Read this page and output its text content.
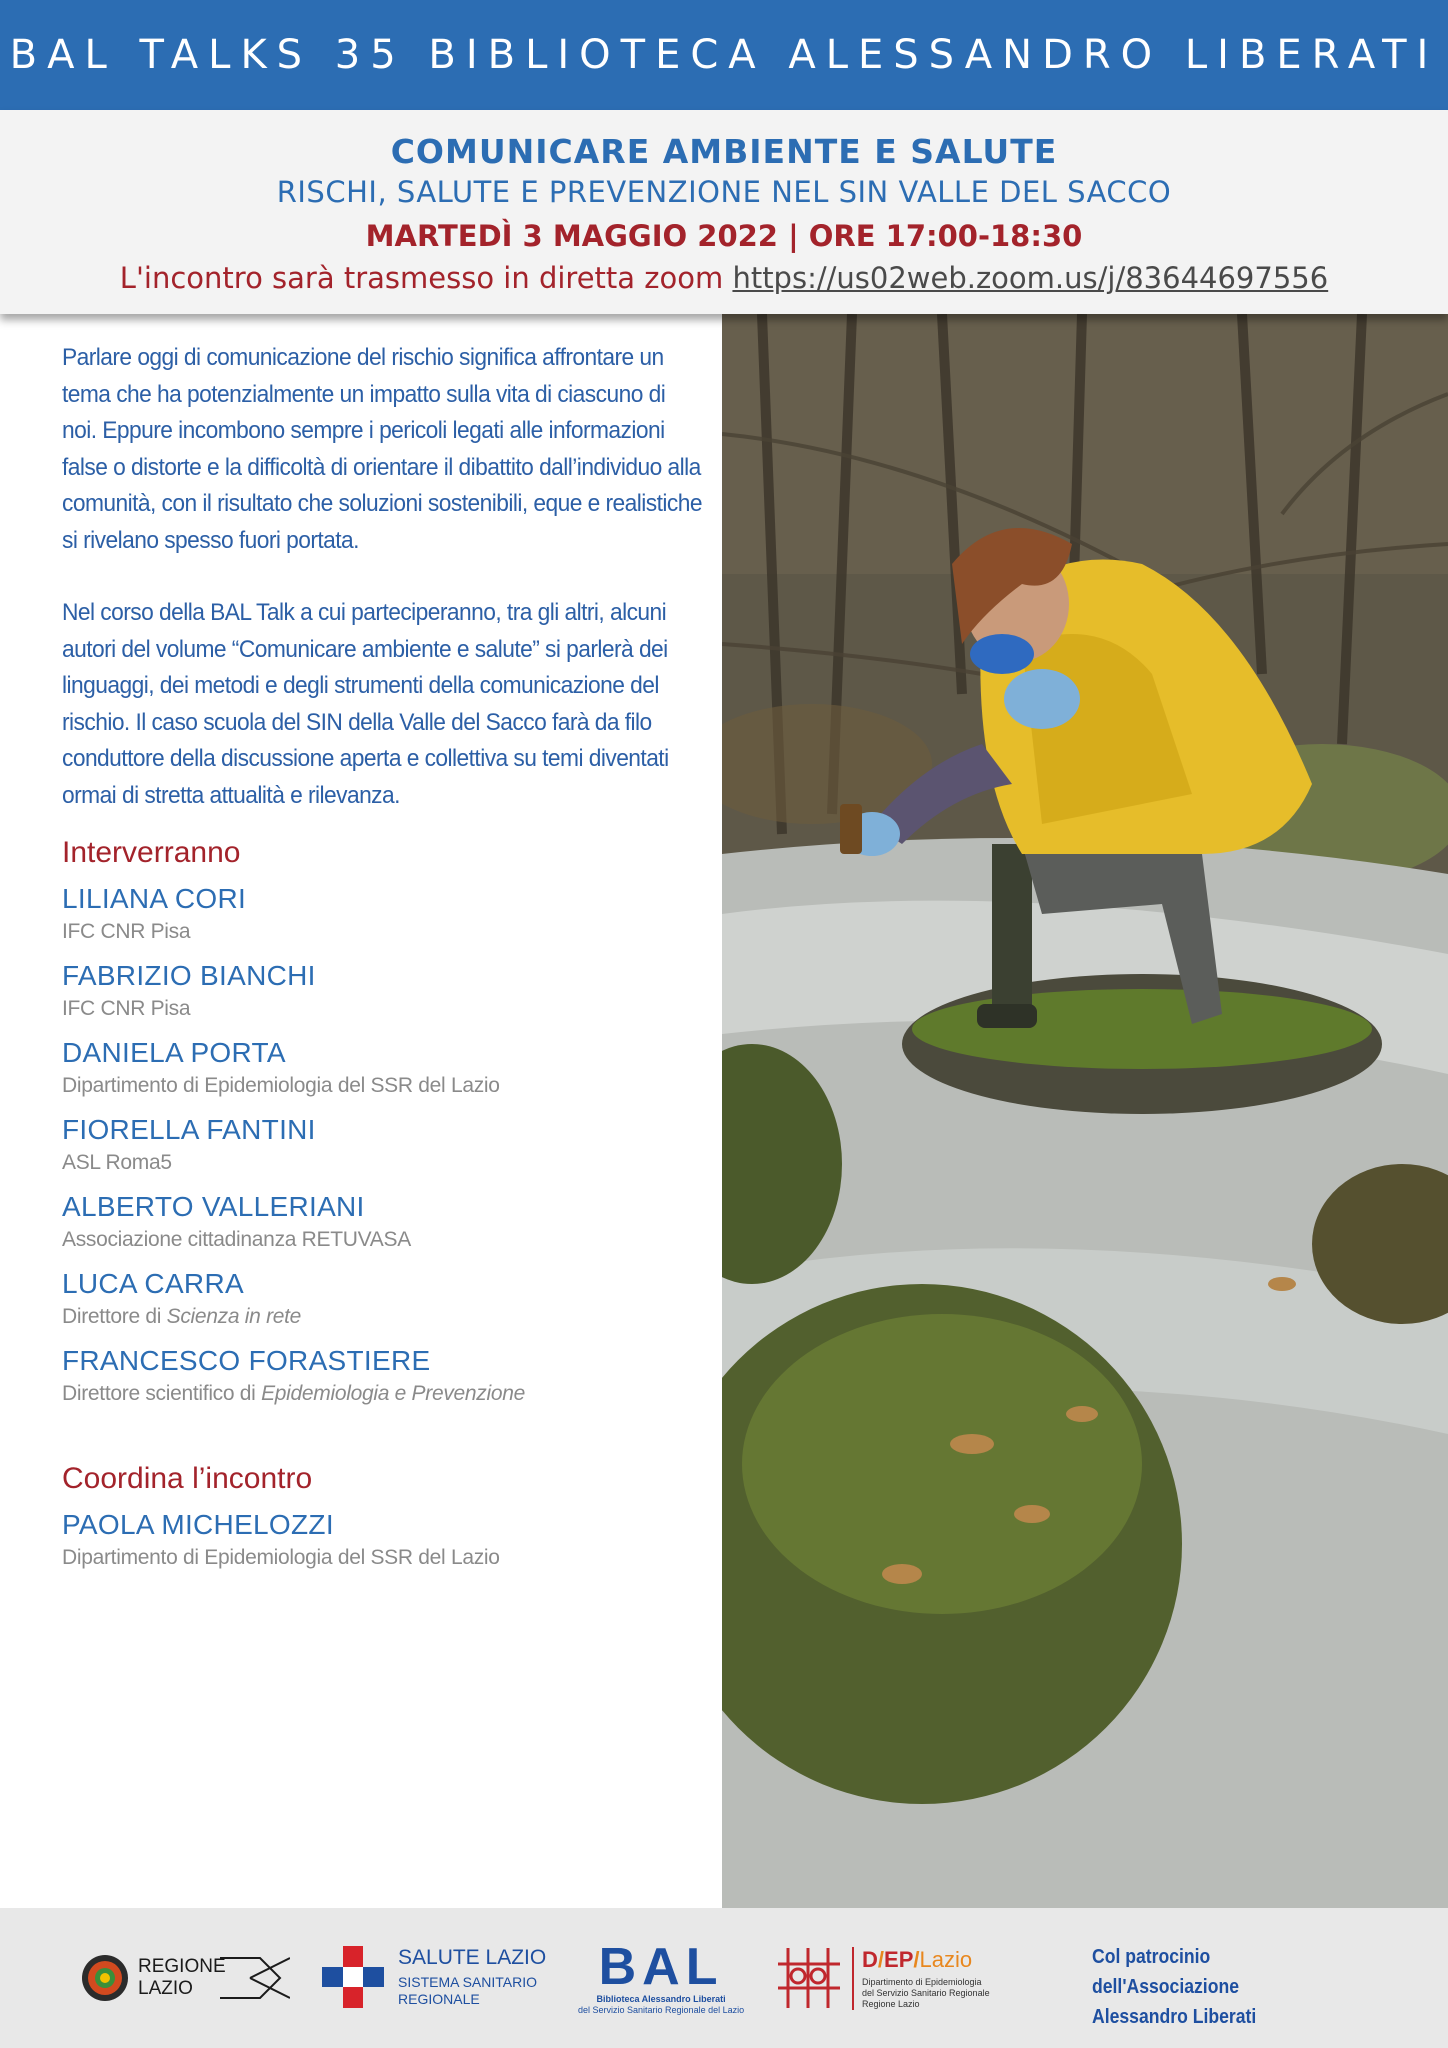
BAL TALKS 35 BIBLIOTECA ALESSANDRO LIBERATI
COMUNICARE AMBIENTE E SALUTE
RISCHI, SALUTE E PREVENZIONE NEL SIN VALLE DEL SACCO
MARTEDÌ 3 MAGGIO 2022 | ORE 17:00-18:30
L'incontro sarà trasmesso in diretta zoom https://us02web.zoom.us/j/83644697556

Parlare oggi di comunicazione del rischio significa affrontare un tema che ha potenzialmente un impatto sulla vita di ciascuno di noi. Eppure incombono sempre i pericoli legati alle informazioni false o distorte e la difficoltà di orientare il dibattito dall’individuo alla comunità, con il risultato che soluzioni sostenibili, eque e realistiche si rivelano spesso fuori portata.

Nel corso della BAL Talk a cui parteciperanno, tra gli altri, alcuni autori del volume “Comunicare ambiente e salute” si parlerà dei linguaggi, dei metodi e degli strumenti della comunicazione del rischio. Il caso scuola del SIN della Valle del Sacco farà da filo conduttore della discussione aperta e collettiva su temi diventati ormai di stretta attualità e rilevanza.

Interverranno
LILIANA CORI
IFC CNR Pisa
FABRIZIO BIANCHI
IFC CNR Pisa
DANIELA PORTA
Dipartimento di Epidemiologia del SSR del Lazio
FIORELLA FANTINI
ASL Roma5
ALBERTO VALLERIANI
Associazione cittadinanza RETUVASA
LUCA CARRA
Direttore di Scienza in rete
FRANCESCO FORASTIERE
Direttore scientifico di Epidemiologia e Prevenzione
Coordina l’incontro
PAOLA MICHELOZZI
Dipartimento di Epidemiologia del SSR del Lazio
REGIONE
LAZIO
SALUTE LAZIO
SISTEMA SANITARIO
REGIONALE
BAL
Biblioteca Alessandro Liberati
del Servizio Sanitario Regionale del Lazio
D/EP/Lazio
Dipartimento di Epidemiologia
del Servizio Sanitario Regionale
Regione Lazio
Col patrocinio dell'Associazione
Alessandro Liberati
